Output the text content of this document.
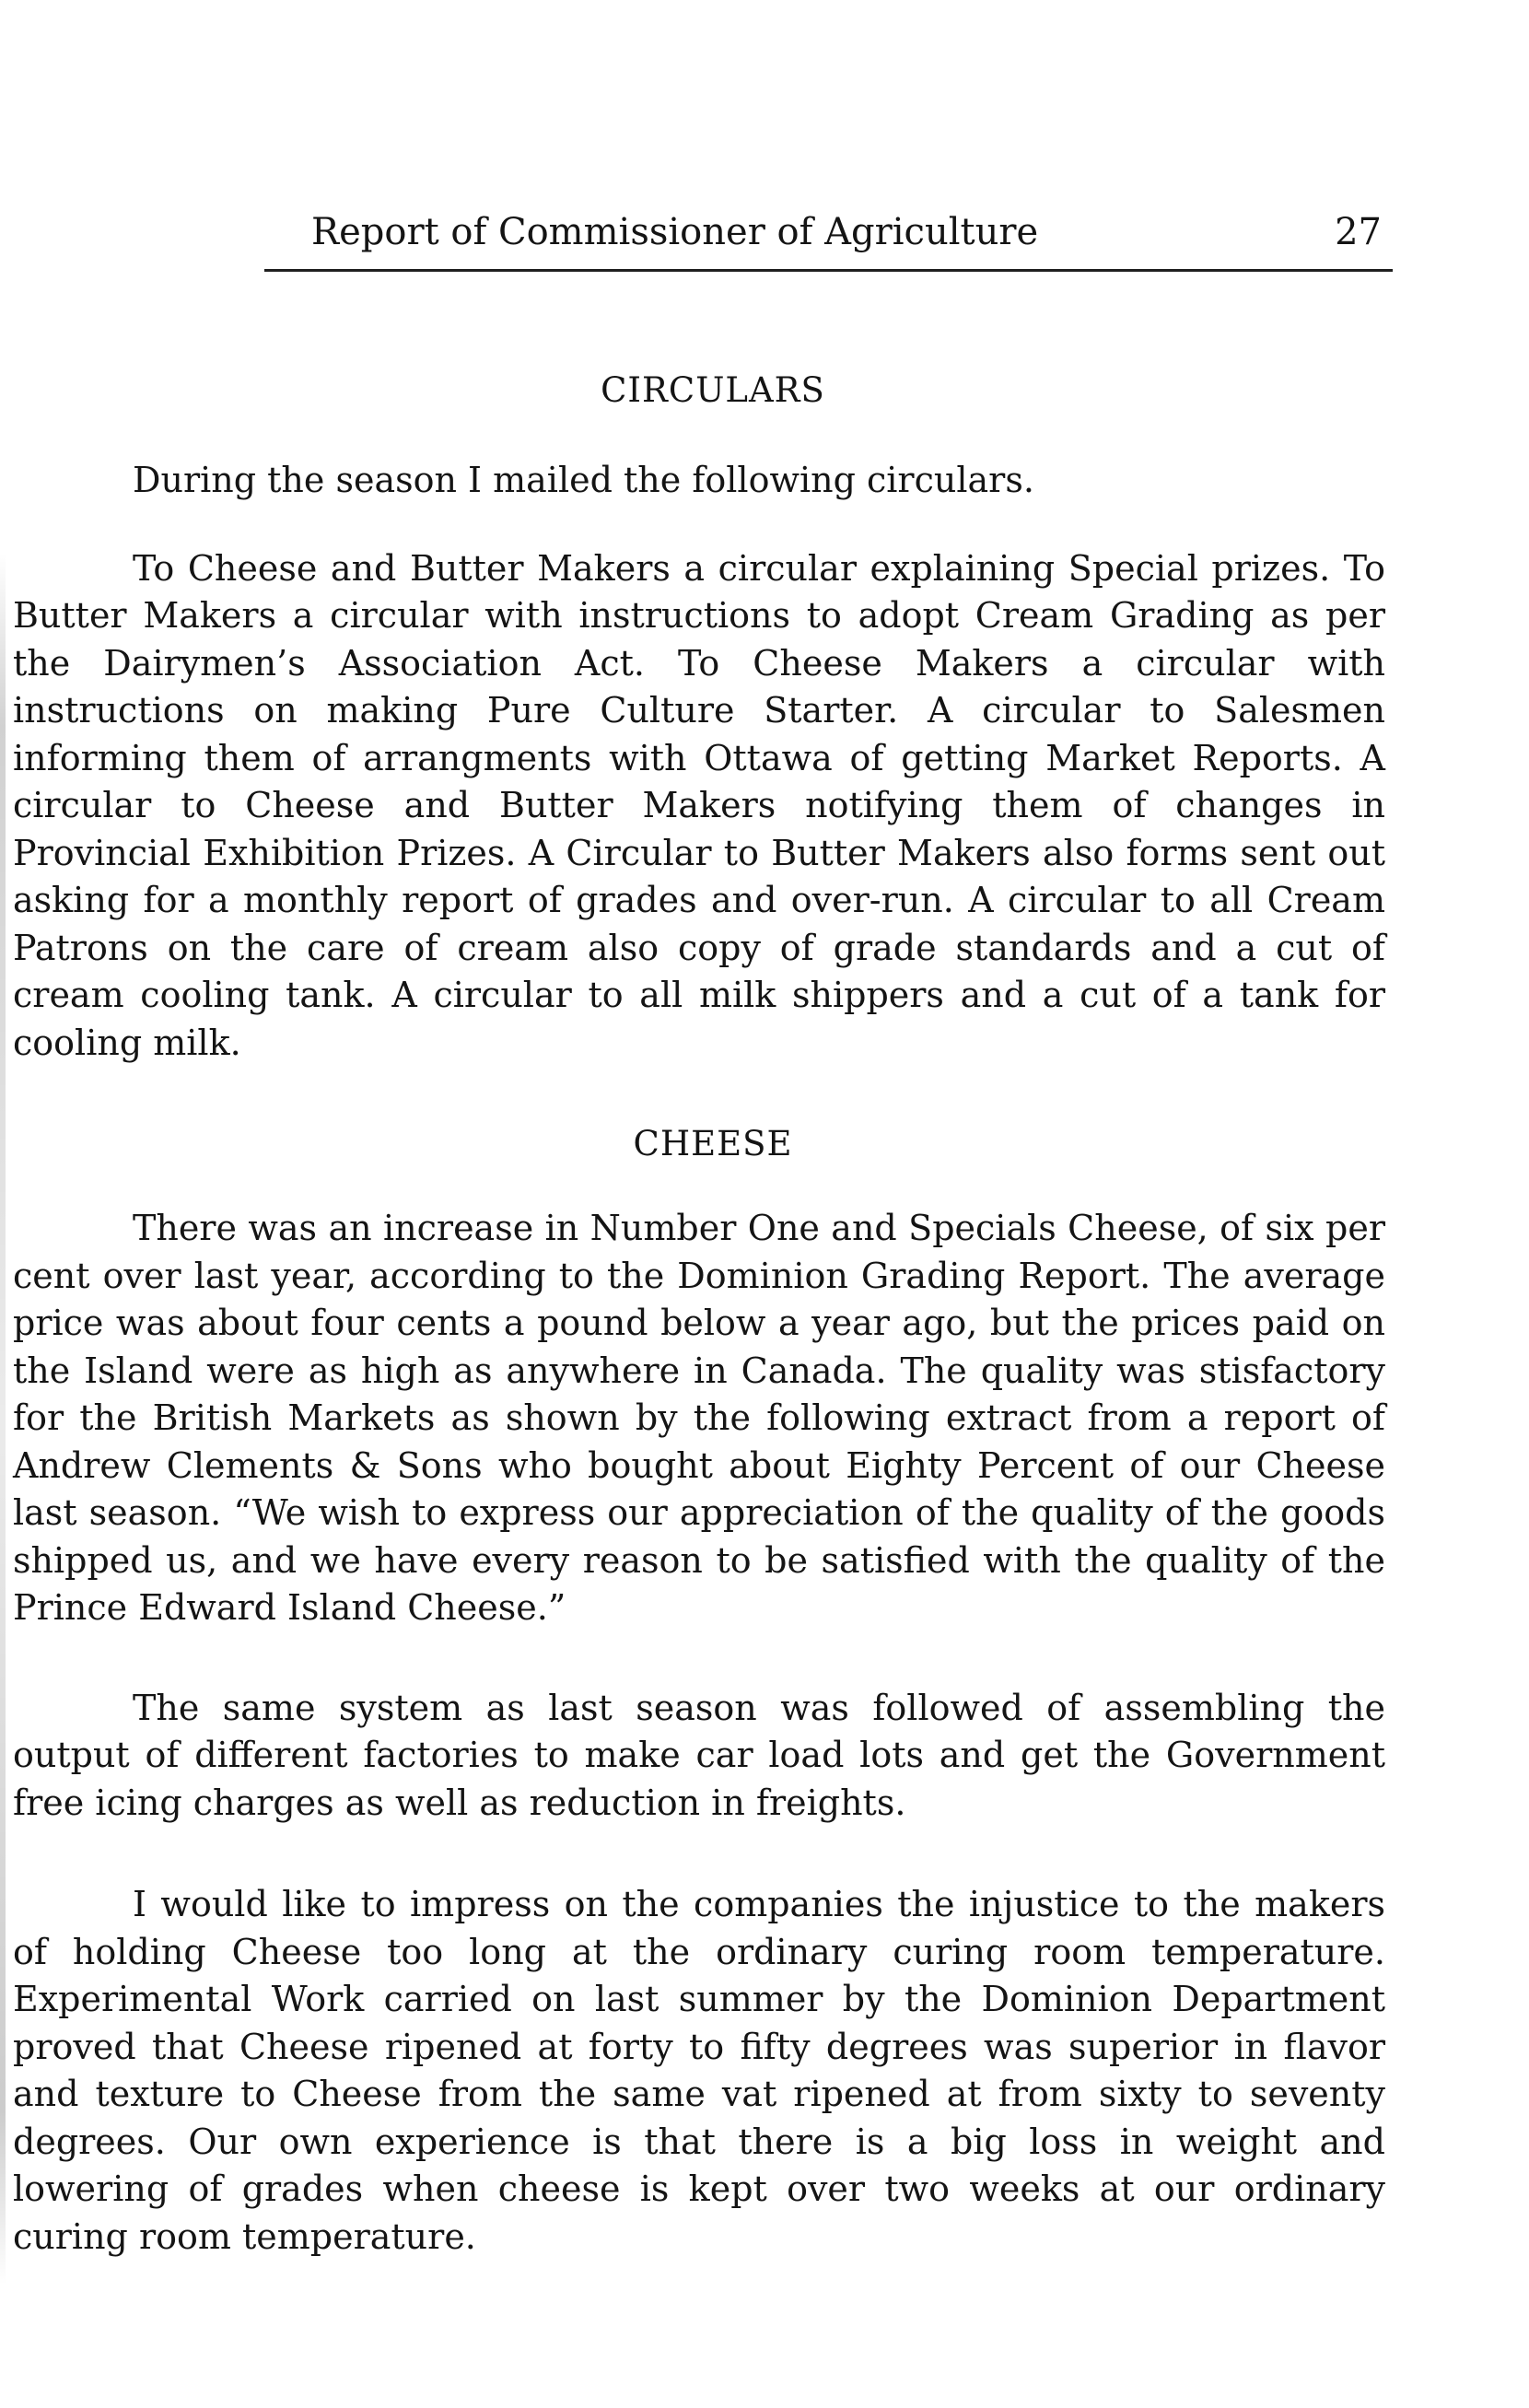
Report of Commissioner of Agriculture	27
CIRCULARS

During the season I mailed the following circulars.

To Cheese and Butter Makers a circular explaining Special prizes. To Butter Makers a circular with instructions to adopt Cream Grading as per the Dairymen’s Association Act. To Cheese Makers a circular with instructions on making Pure Culture Starter. A circular to Salesmen informing them of arrangments with Ottawa of getting Market Reports. A circular to Cheese and Butter Makers notifying them of changes in Provincial Exhibition Prizes. A Circular to Butter Makers also forms sent out asking for a monthly report of grades and over-run. A circular to all Cream Patrons on the care of cream also copy of grade standards and a cut of cream cooling tank. A circular to all milk shippers and a cut of a tank for cooling milk.

CHEESE

There was an increase in Number One and Specials Cheese, of six per cent over last year, according to the Dominion Grading Report. The average price was about four cents a pound below a year ago, but the prices paid on the Island were as high as anywhere in Canada. The quality was stisfactory for the British Markets as shown by the following extract from a report of Andrew Clements & Sons who bought about Eighty Percent of our Cheese last season. “We wish to express our appreciation of the quality of the goods shipped us, and we have every reason to be satisfied with the quality of the Prince Edward Island Cheese.”

The same system as last season was followed of assembling the output of different factories to make car load lots and get the Government free icing charges as well as reduction in freights.

I would like to impress on the companies the injustice to the makers of holding Cheese too long at the ordinary curing room temperature. Experimental Work carried on last summer by the Dominion Department proved that Cheese ripened at forty to fifty degrees was superior in flavor and texture to Cheese from the same vat ripened at from sixty to seventy degrees. Our own experience is that there is a big loss in weight and lowering of grades when cheese is kept over two weeks at our ordinary curing room temperature.
